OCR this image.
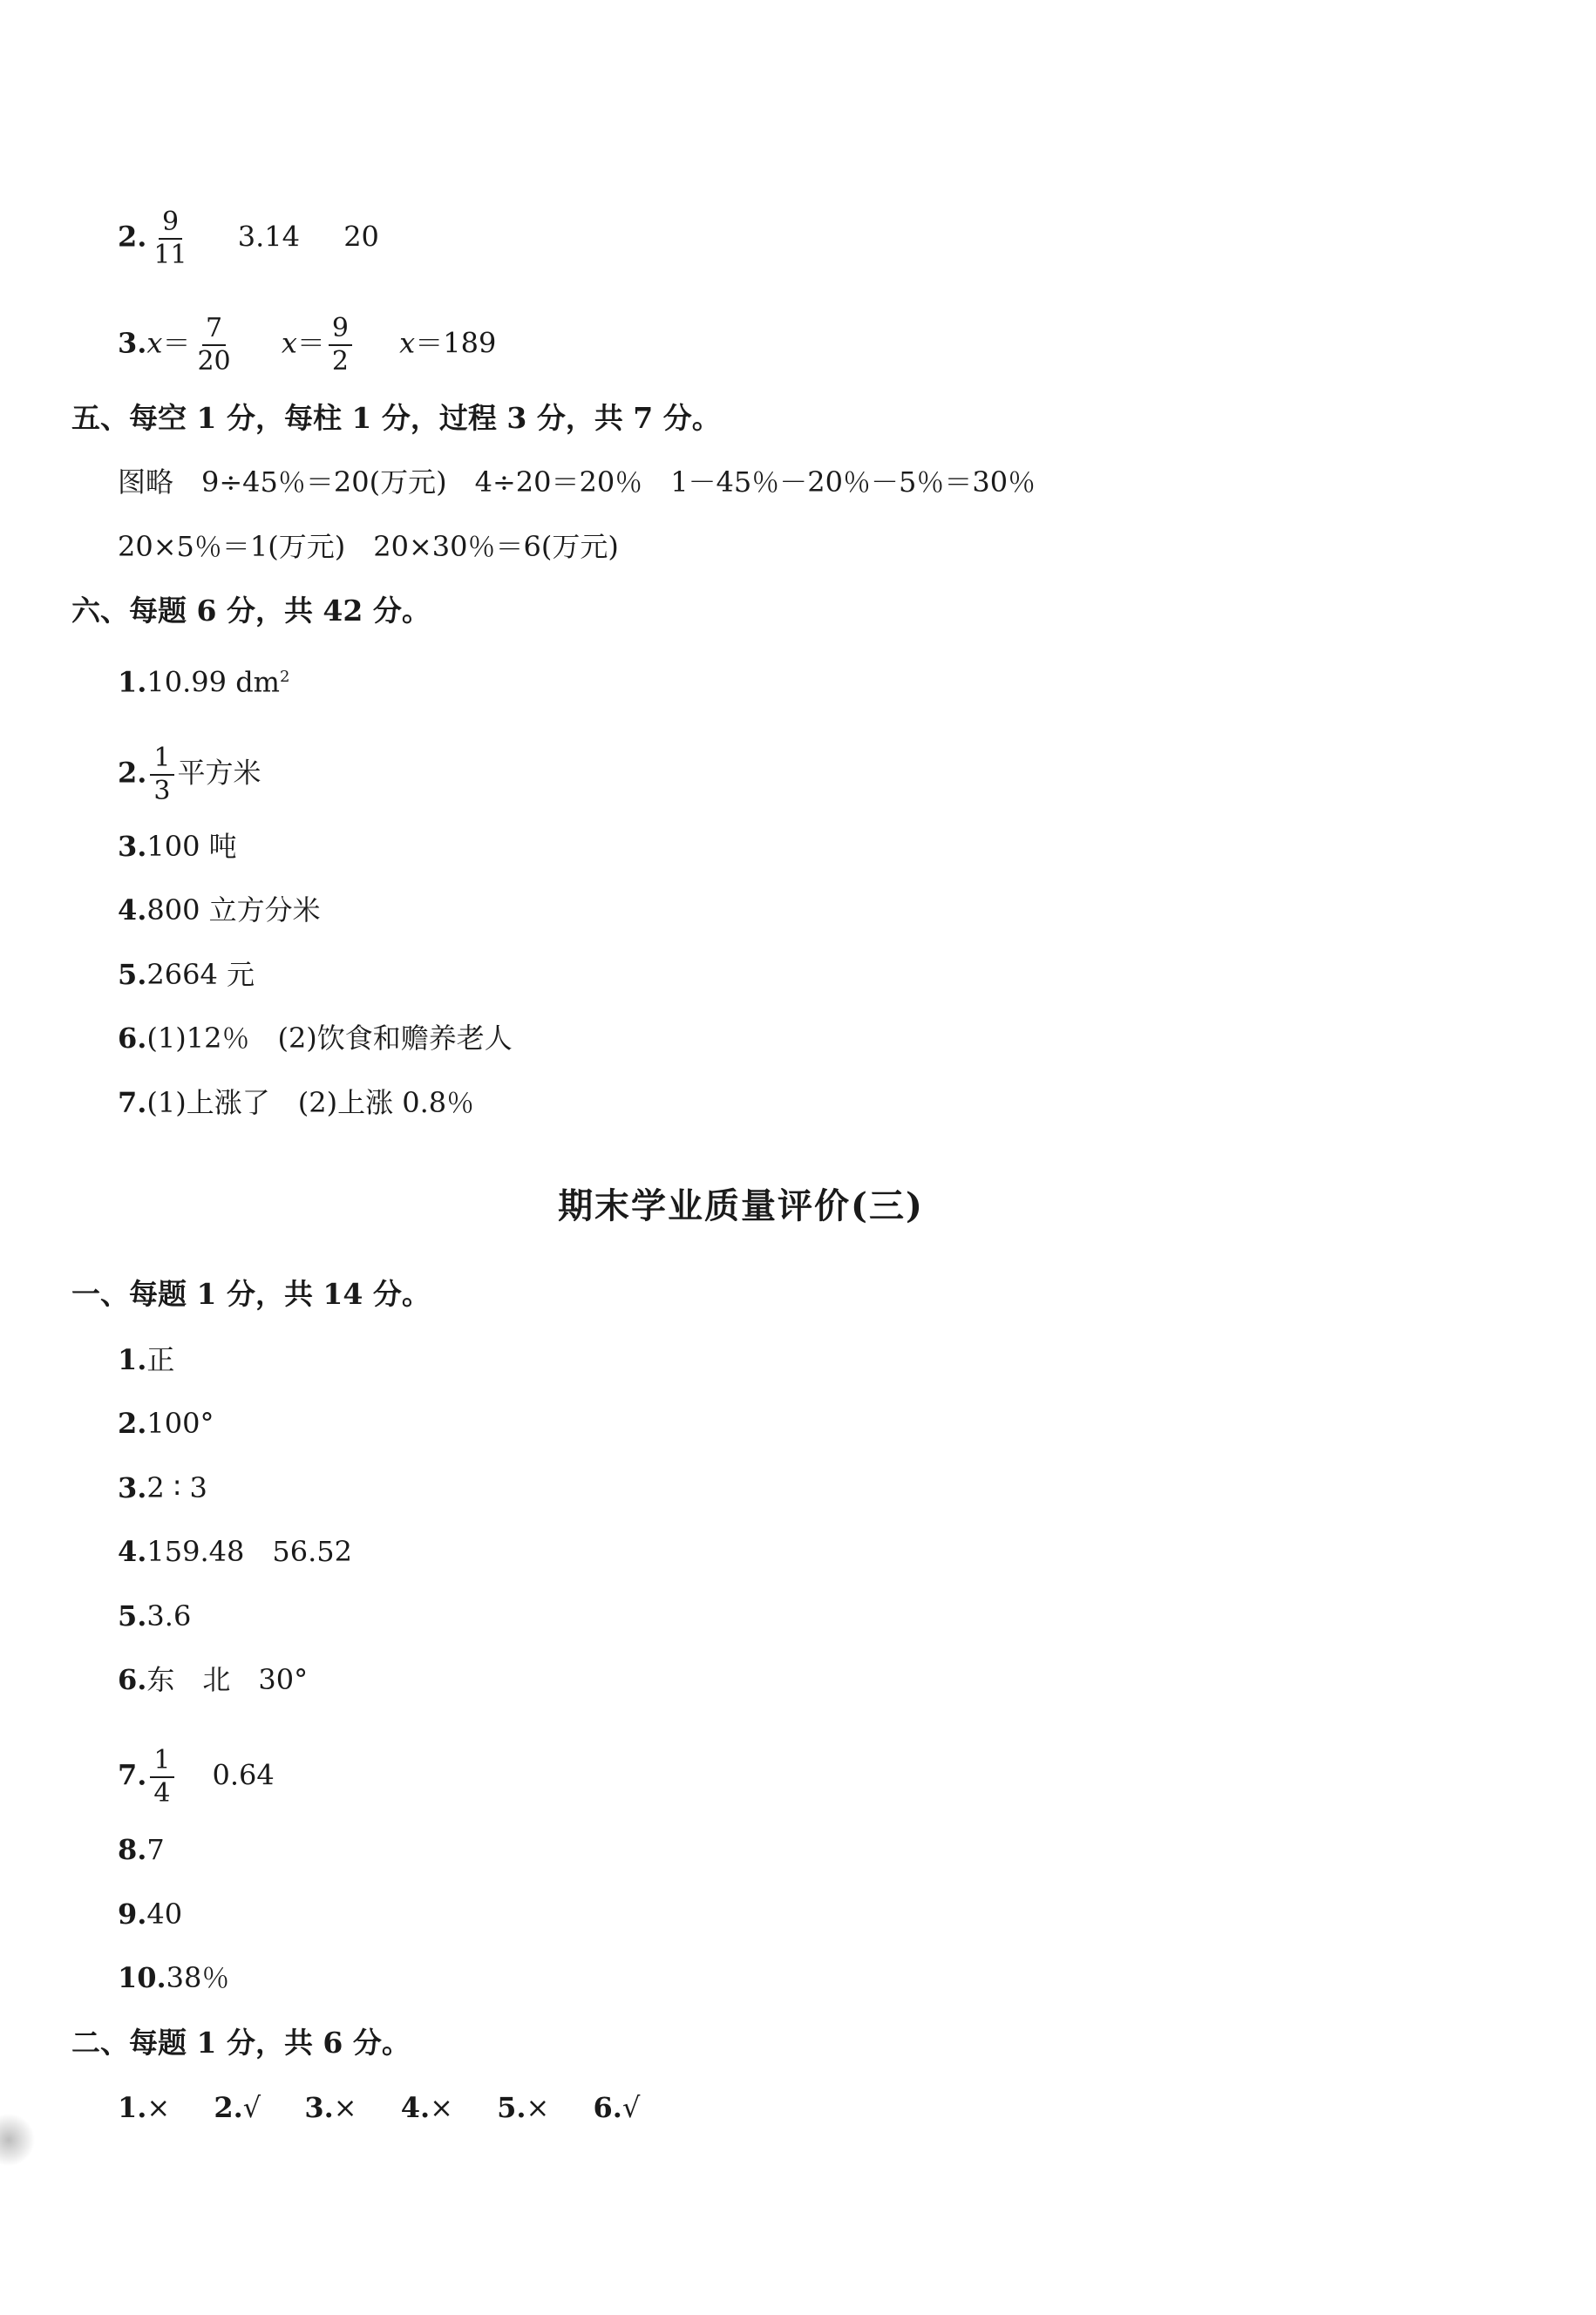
2. $\frac{9}{11} 3.14$ 20
$3.x= \frac{7}{20} x= \frac{9}{2} x=189$
五、每空 1 分，每柱 1 分，过程 3 分，共 7 分。
图略　9÷45％＝20(万元)　4÷20＝20％　1－45％－20％－5％＝30％
20×5％＝1(万元)　20×30％＝6(万元)
六、每题 6 分，共 42 分。
1.10.99 $dm^2$
2. $\frac{1}{3}$ 平方米
3.100 吨
4.800 立方分米
5.2664 元
6.(1)12％　(2)饮食和赡养老人
7.(1)上涨了　(2)上涨 0.8％
期末学业质量评价(三)
一、每题 1 分，共 14 分。
1.正
2.100°
3.2 ∶ 3
4.159.48　56.52
5.3.6
6.东　北　30°
7. $\frac{1}{4} 0.64$
8.7
9.40
10.38％
二、每题 1 分，共 6 分。
1.× 2.√ 3.× 4.× 5.× 6.√
